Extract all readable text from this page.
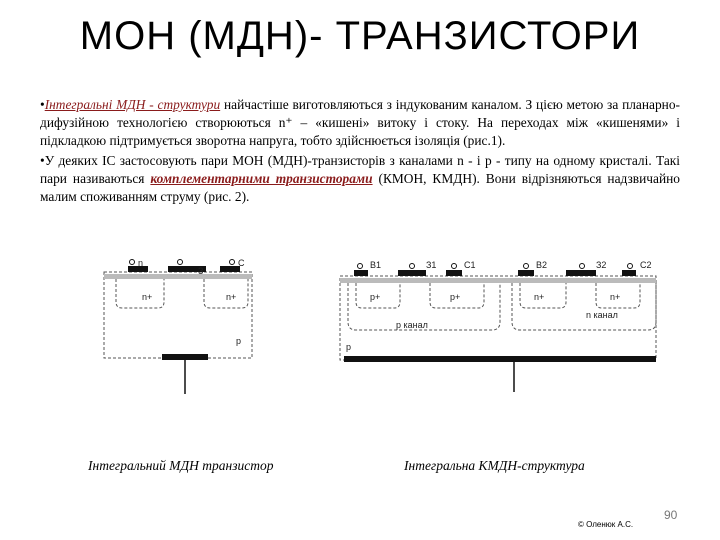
МОН (МДН)- ТРАНЗИСТОРИ

•Інтегральні МДН - структури найчастіше виготовляються з індукованим каналом. З цією метою за планарно-дифузійною технологією створюються n⁺ – «кишені» витоку і стоку. На переходах між «кишенями» і підкладкою підтримується зворотна напруга, тобто здійснюється ізоляція (рис.1).

•У деяких ІС застосовують пари МОН (МДН)-транзисторів з каналами n - і p - типу на одному кристалі. Такі пари називаються комплементарними транзисторами (КМОН, КМДН). Вони відрізняються надзвичайно малим споживанням струму (рис. 2).

n
З
C
n+	n+
p
B1	З1	C1	B2	З2	C2
p+	p+	n+	n+
p канал
n канал
p
Інтегральний МДН транзистор	Інтегральна КМДН-структура
90
© Оленюк А.С.
